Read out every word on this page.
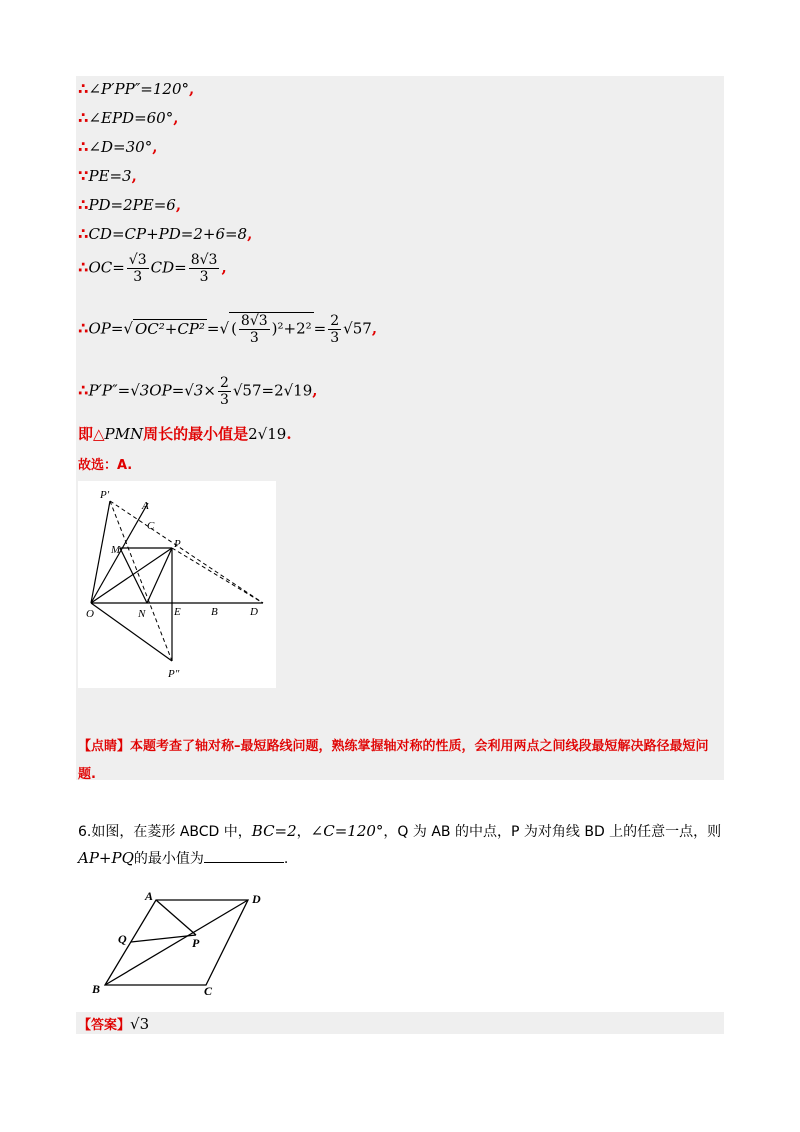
∴∠P′PP″=120°,
∴∠EPD=60°,
∴∠D=30°,
∵PE=3,
∴PD=2PE=6,
∴CD=CP+PD=2+6=8,
∴OC= $\frac{√3}{3} CD= \frac{8√3}{3}$ ,
∴OP=√ OC²+CP² =√ ( $\frac{8√3}{3} )^2+2^2 = \frac{2}{3} √57$,
∴P′P″=√3OP=√3× $\frac{2}{3} √57=2√19$,
即△PMN周长的最小值是2√19.
故选：A.
P′
A
C
M	P
O	N	E	B	D
P″
【点睛】本题考查了轴对称–最短路线问题，熟练掌握轴对称的性质，会利用两点之间线段最短解决路径最短问题.
6.如图，在菱形 ABCD 中，BC=2，∠C=120°，Q 为 AB 的中点，P 为对角线 BD 上的任意一点，则
AP+PQ的最小值为	.
A	D
Q	P
B	C
【答案】√3
